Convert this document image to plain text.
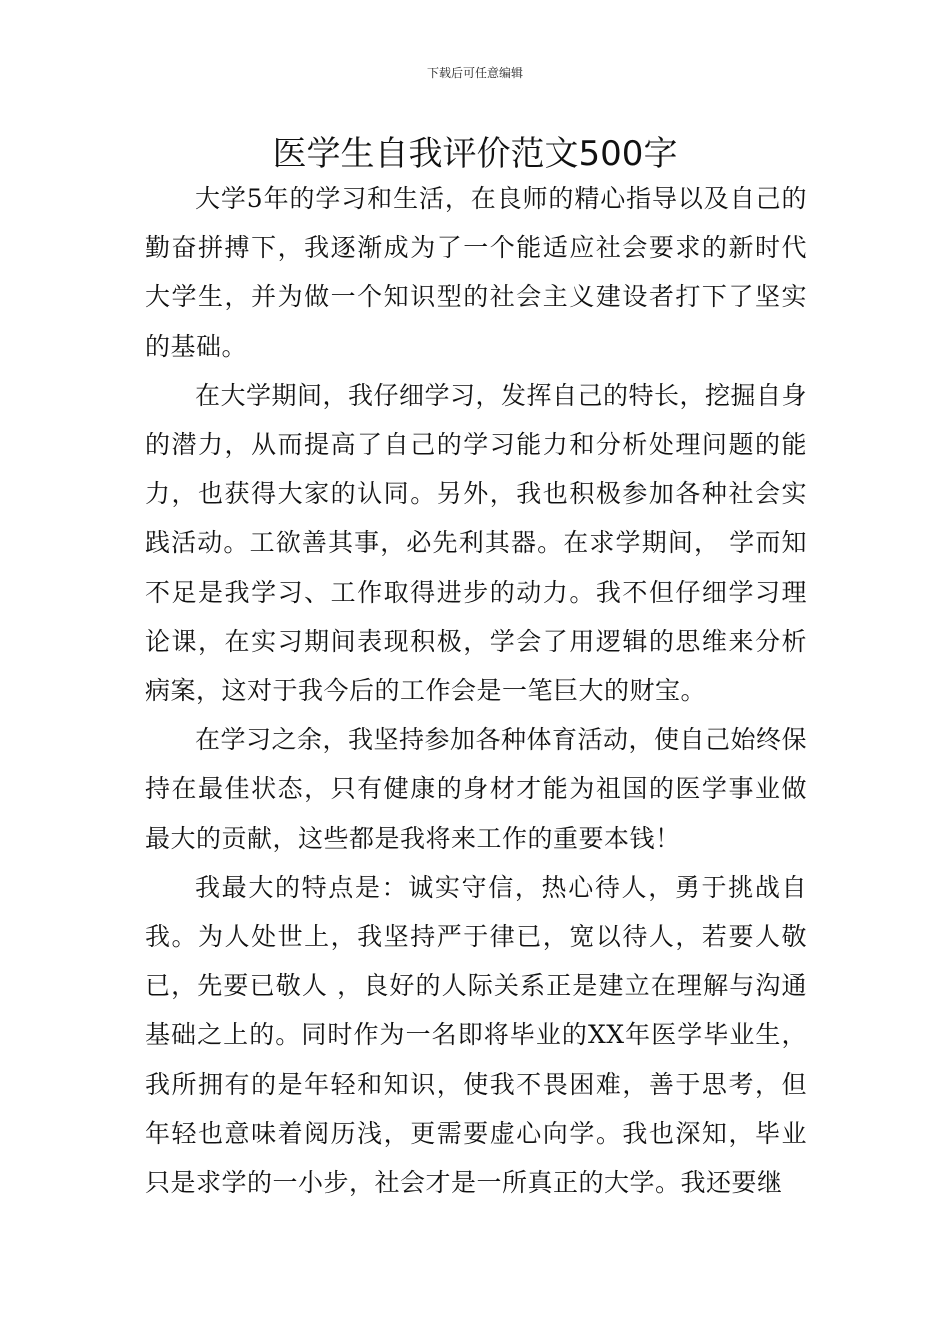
下载后可任意编辑
医学生自我评价范文500字

大学5年的学习和生活，在良师的精心指导以及自己的勤奋拼搏下，我逐渐成为了一个能适应社会要求的新时代大学生，并为做一个知识型的社会主义建设者打下了坚实的基础。

在大学期间，我仔细学习，发挥自己的特长，挖掘自身的潜力，从而提高了自己的学习能力和分析处理问题的能力，也获得大家的认同。另外，我也积极参加各种社会实践活动。工欲善其事，必先利其器。在求学期间， 学而知不足是我学习、工作取得进步的动力。我不但仔细学习理论课，在实习期间表现积极，学会了用逻辑的思维来分析病案，这对于我今后的工作会是一笔巨大的财宝。

在学习之余，我坚持参加各种体育活动，使自己始终保持在最佳状态，只有健康的身材才能为祖国的医学事业做最大的贡献，这些都是我将来工作的重要本钱！

我最大的特点是：诚实守信，热心待人，勇于挑战自我。为人处世上，我坚持严于律已，宽以待人，若要人敬已，先要已敬人 ，良好的人际关系正是建立在理解与沟通基础之上的。同时作为一名即将毕业的XX年医学毕业生，我所拥有的是年轻和知识，使我不畏困难，善于思考，但年轻也意味着阅历浅，更需要虚心向学。我也深知，毕业只是求学的一小步，社会才是一所真正的大学。我还要继
